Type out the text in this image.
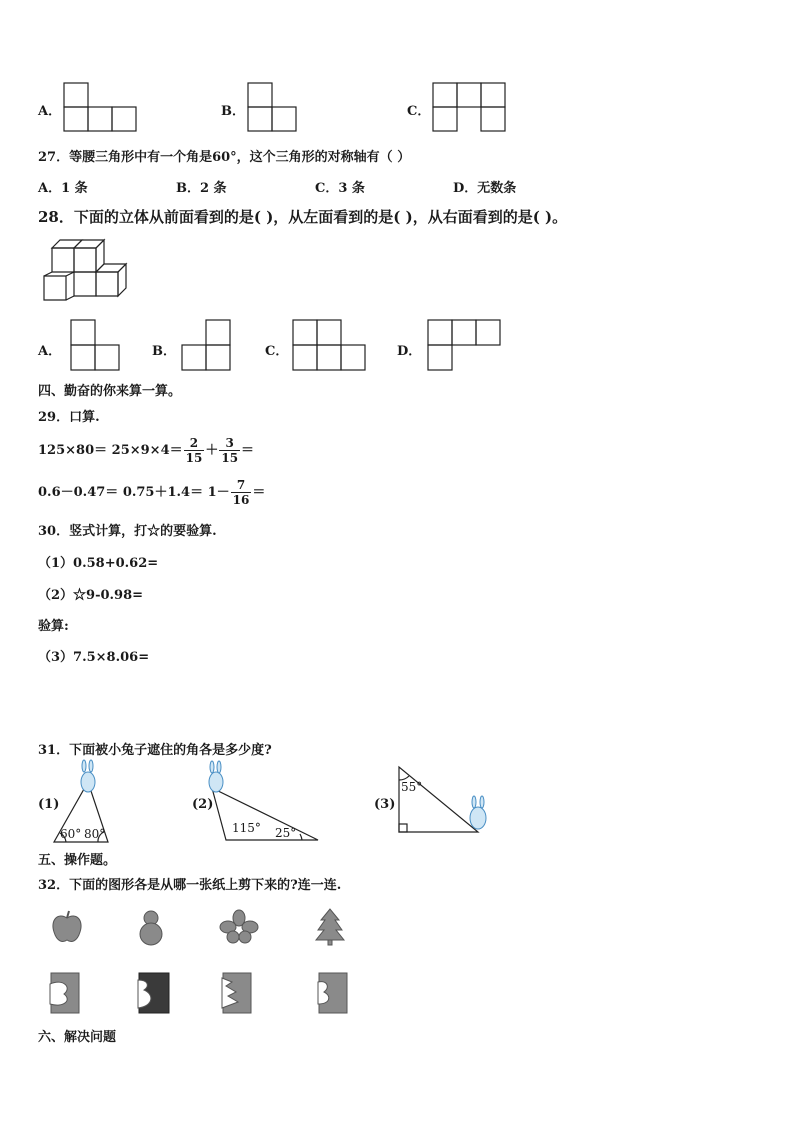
A．	B．	C．
27．等腰三角形中有一个角是60°，这个三角形的对称轴有（ ）
A．1 条	B．2 条	C．3 条	D．无数条
28．下面的立体从前面看到的是( )，从左面看到的是( )，从右面看到的是( )。
A．	B．	C．	D．
四、勤奋的你来算一算。
29．口算.
$125\times 80= 25\times 9\times 4= \frac{2}{15} + \frac{3}{15}$ ＝
$0.6-0.47= 0.75+1.4= 1- \frac{7}{16}$ ＝
30．竖式计算，打☆的要验算.
（1）0.58+0.62=
（2）☆9-0.98=
验算:
（3）7.5×8.06=
31．下面被小兔子遮住的角各是多少度?
(1)
60° 80°
(2)
115° 25°
(3)
55°
五、操作题。
32．下面的图形各是从哪一张纸上剪下来的?连一连.
六、解决问题
